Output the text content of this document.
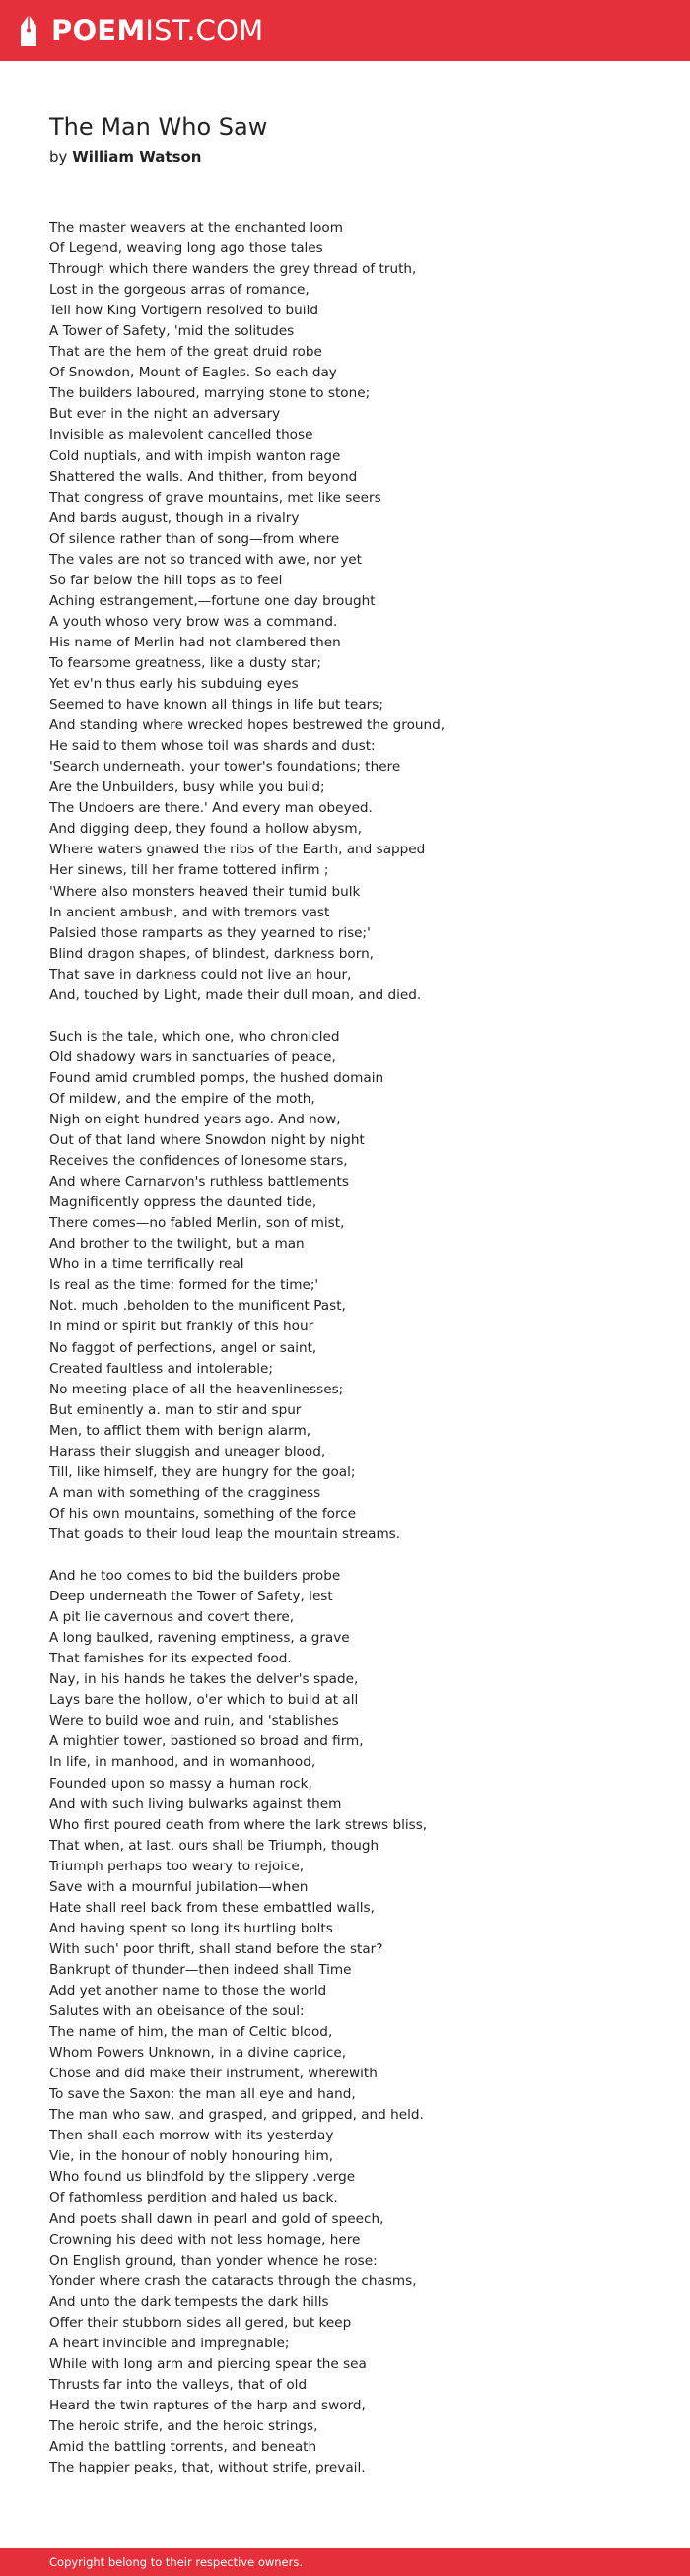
POEMIST.COM
The Man Who Saw
by William Watson
The master weavers at the enchanted loom
Of Legend, weaving long ago those tales
Through which there wanders the grey thread of truth,
Lost in the gorgeous arras of romance,
Tell how King Vortigern resolved to build
A Tower of Safety, 'mid the solitudes
That are the hem of the great druid robe
Of Snowdon, Mount of Eagles. So each day
The builders laboured, marrying stone to stone;
But ever in the night an adversary
Invisible as malevolent cancelled those
Cold nuptials, and with impish wanton rage
Shattered the walls. And thither, from beyond
That congress of grave mountains, met like seers
And bards august, though in a rivalry
Of silence rather than of song—from where
The vales are not so tranced with awe, nor yet
So far below the hill tops as to feel
Aching estrangement,—fortune one day brought
A youth whoso very brow was a command.
His name of Merlin had not clambered then
To fearsome greatness, like a dusty star;
Yet ev'n thus early his subduing eyes
Seemed to have known all things in life but tears;
And standing where wrecked hopes bestrewed the ground,
He said to them whose toil was shards and dust:
'Search underneath. your tower's foundations; there
Are the Unbuilders, busy while you build;
The Undoers are there.' And every man obeyed.
And digging deep, they found a hollow abysm,
Where waters gnawed the ribs of the Earth, and sapped
Her sinews, till her frame tottered infirm ;
'Where also monsters heaved their tumid bulk
In ancient ambush, and with tremors vast
Palsied those ramparts as they yearned to rise;'
Blind dragon shapes, of blindest, darkness born,
That save in darkness could not live an hour,
And, touched by Light, made their dull moan, and died.
Such is the tale, which one, who chronicled
Old shadowy wars in sanctuaries of peace,
Found amid crumbled pomps, the hushed domain
Of mildew, and the empire of the moth,
Nigh on eight hundred years ago. And now,
Out of that land where Snowdon night by night
Receives the confidences of lonesome stars,
And where Carnarvon's ruthless battlements
Magnificently oppress the daunted tide,
There comes—no fabled Merlin, son of mist,
And brother to the twilight, but a man
Who in a time terrifically real
Is real as the time; formed for the time;'
Not. much .beholden to the munificent Past,
In mind or spirit but frankly of this hour
No faggot of perfections, angel or saint,
Created faultless and intolerable;
No meeting-place of all the heavenlinesses;
But eminently a. man to stir and spur
Men, to afflict them with benign alarm,
Harass their sluggish and uneager blood,
Till, like himself, they are hungry for the goal;
A man with something of the cragginess
Of his own mountains, something of the force
That goads to their loud leap the mountain streams.
And he too comes to bid the builders probe
Deep underneath the Tower of Safety, lest
A pit lie cavernous and covert there,
A long baulked, ravening emptiness, a grave
That famishes for its expected food.
Nay, in his hands he takes the delver's spade,
Lays bare the hollow, o'er which to build at all
Were to build woe and ruin, and 'stablishes
A mightier tower, bastioned so broad and firm,
In life, in manhood, and in womanhood,
Founded upon so massy a human rock,
And with such living bulwarks against them
Who first poured death from where the lark strews bliss,
That when, at last, ours shall be Triumph, though
Triumph perhaps too weary to rejoice,
Save with a mournful jubilation—when
Hate shall reel back from these embattled walls,
And having spent so long its hurtling bolts
With such' poor thrift, shall stand before the star?
Bankrupt of thunder—then indeed shall Time
Add yet another name to those the world
Salutes with an obeisance of the soul:
The name of him, the man of Celtic blood,
Whom Powers Unknown, in a divine caprice,
Chose and did make their instrument, wherewith
To save the Saxon: the man all eye and hand,
The man who saw, and grasped, and gripped, and held.
Then shall each morrow with its yesterday
Vie, in the honour of nobly honouring him,
Who found us blindfold by the slippery .verge
Of fathomless perdition and haled us back.
And poets shall dawn in pearl and gold of speech,
Crowning his deed with not less homage, here
On English ground, than yonder whence he rose:
Yonder where crash the cataracts through the chasms,
And unto the dark tempests the dark hills
Offer their stubborn sides all gered, but keep
A heart invincible and impregnable;
While with long arm and piercing spear the sea
Thrusts far into the valleys, that of old
Heard the twin raptures of the harp and sword,
The heroic strife, and the heroic strings,
Amid the battling torrents, and beneath
The happier peaks, that, without strife, prevail.
Copyright belong to their respective owners.
